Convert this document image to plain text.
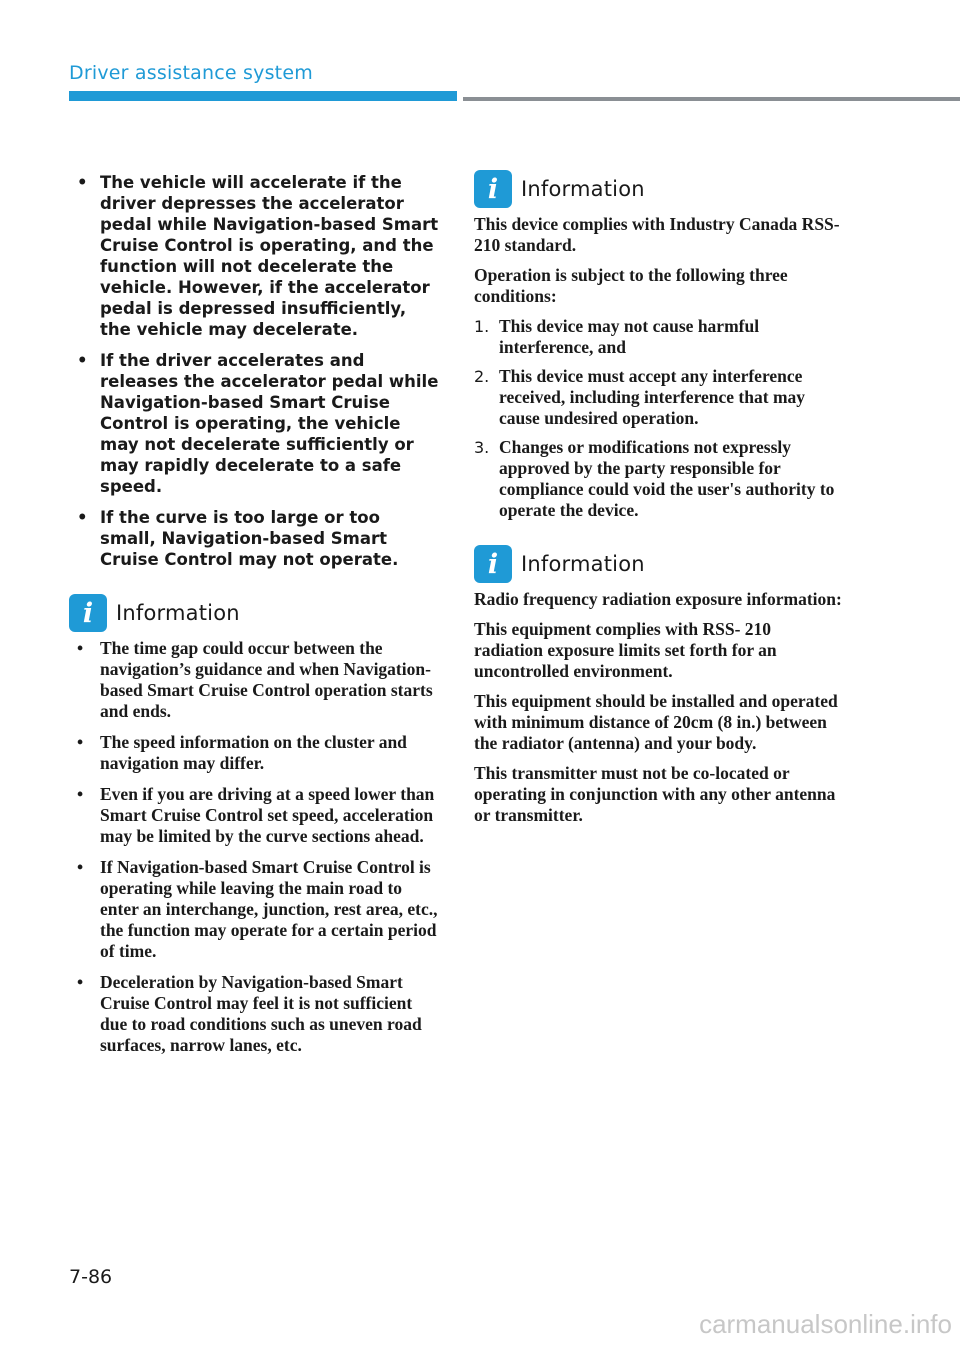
Driver assistance system
• The vehicle will accelerate if the driver depresses the accelerator pedal while Navigation-based Smart Cruise Control is operating, and the function will not decelerate the vehicle. However, if the accelerator pedal is depressed insufficiently, the vehicle may decelerate.
• If the driver accelerates and releases the accelerator pedal while Navigation-based Smart Cruise Control is operating, the vehicle may not decelerate sufficiently or may rapidly decelerate to a safe speed.
• If the curve is too large or too small, Navigation-based Smart Cruise Control may not operate.
i Information
• The time gap could occur between the navigation’s guidance and when Navigation-based Smart Cruise Control operation starts and ends.
• The speed information on the cluster and navigation may differ.
• Even if you are driving at a speed lower than Smart Cruise Control set speed, acceleration may be limited by the curve sections ahead.
• If Navigation-based Smart Cruise Control is operating while leaving the main road to enter an interchange, junction, rest area, etc., the function may operate for a certain period of time.
• Deceleration by Navigation-based Smart Cruise Control may feel it is not sufficient due to road conditions such as uneven road surfaces, narrow lanes, etc.
i Information

This device complies with Industry Canada RSS-210 standard.

Operation is subject to the following three conditions:

1. This device may not cause harmful interference, and
2. This device must accept any interference received, including interference that may cause undesired operation.
3. Changes or modifications not expressly approved by the party responsible for compliance could void the user's authority to operate the device.
i Information

Radio frequency radiation exposure information:

This equipment complies with RSS- 210 radiation exposure limits set forth for an uncontrolled environment.

This equipment should be installed and operated with minimum distance of 20cm (8 in.) between the radiator (antenna) and your body.

This transmitter must not be co-located or operating in conjunction with any other antenna or transmitter.

7-86
carmanualsonline.info
